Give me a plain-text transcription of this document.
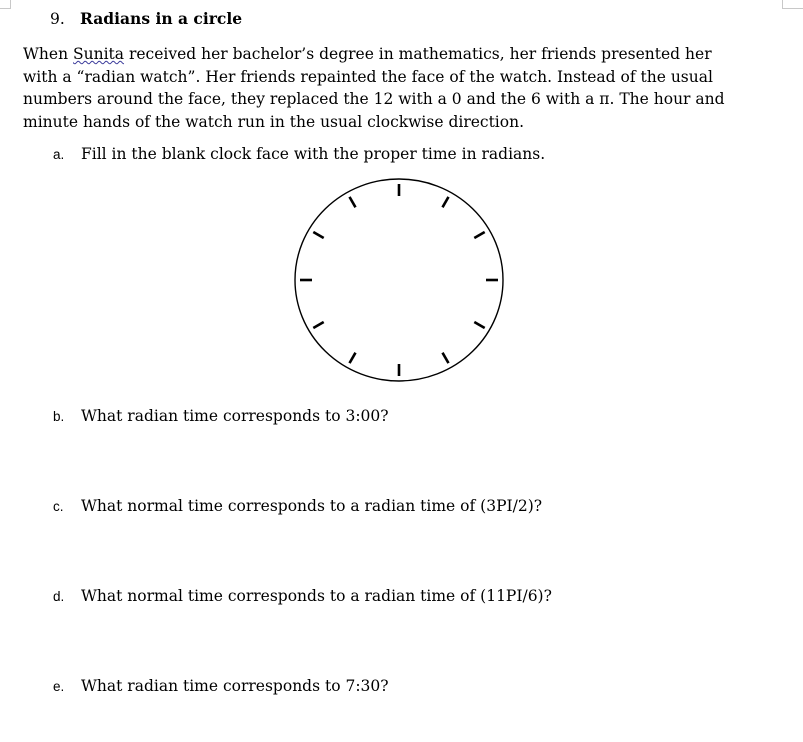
9. Radians in a circle
When Sunita received her bachelor’s degree in mathematics, her friends presented her
with a “radian watch”. Her friends repainted the face of the watch. Instead of the usual
numbers around the face, they replaced the 12 with a 0 and the 6 with a π. The hour and
minute hands of the watch run in the usual clockwise direction.
a. Fill in the blank clock face with the proper time in radians.
b. What radian time corresponds to 3:00?
c. What normal time corresponds to a radian time of (3PI/2)?
d. What normal time corresponds to a radian time of (11PI/6)?
e. What radian time corresponds to 7:30?
